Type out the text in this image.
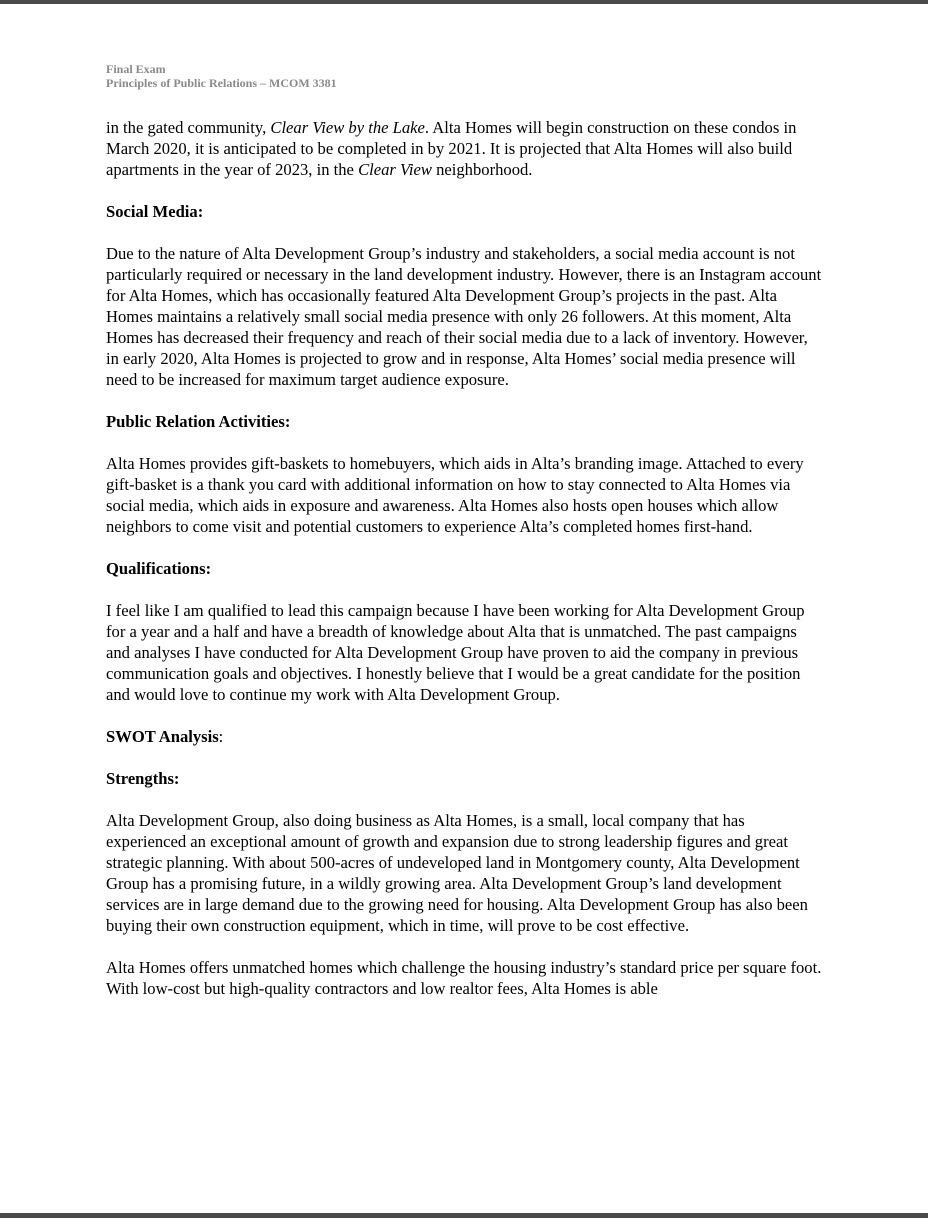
Final Exam
Principles of Public Relations – MCOM 3381

in the gated community, Clear View by the Lake. Alta Homes will begin construction on these condos in March 2020, it is anticipated to be completed in by 2021. It is projected that Alta Homes will also build apartments in the year of 2023, in the Clear View neighborhood.

Social Media:

Due to the nature of Alta Development Group’s industry and stakeholders, a social media account is not particularly required or necessary in the land development industry. However, there is an Instagram account for Alta Homes, which has occasionally featured Alta Development Group’s projects in the past. Alta Homes maintains a relatively small social media presence with only 26 followers. At this moment, Alta Homes has decreased their frequency and reach of their social media due to a lack of inventory. However, in early 2020, Alta Homes is projected to grow and in response, Alta Homes’ social media presence will need to be increased for maximum target audience exposure.

Public Relation Activities:

Alta Homes provides gift-baskets to homebuyers, which aids in Alta’s branding image. Attached to every gift-basket is a thank you card with additional information on how to stay connected to Alta Homes via social media, which aids in exposure and awareness. Alta Homes also hosts open houses which allow neighbors to come visit and potential customers to experience Alta’s completed homes first-hand.

Qualifications:

I feel like I am qualified to lead this campaign because I have been working for Alta Development Group for a year and a half and have a breadth of knowledge about Alta that is unmatched. The past campaigns and analyses I have conducted for Alta Development Group have proven to aid the company in previous communication goals and objectives. I honestly believe that I would be a great candidate for the position and would love to continue my work with Alta Development Group.

SWOT Analysis:
Strengths:

Alta Development Group, also doing business as Alta Homes, is a small, local company that has experienced an exceptional amount of growth and expansion due to strong leadership figures and great strategic planning. With about 500-acres of undeveloped land in Montgomery county, Alta Development Group has a promising future, in a wildly growing area. Alta Development Group’s land development services are in large demand due to the growing need for housing. Alta Development Group has also been buying their own construction equipment, which in time, will prove to be cost effective.

Alta Homes offers unmatched homes which challenge the housing industry’s standard price per square foot. With low-cost but high-quality contractors and low realtor fees, Alta Homes is able
